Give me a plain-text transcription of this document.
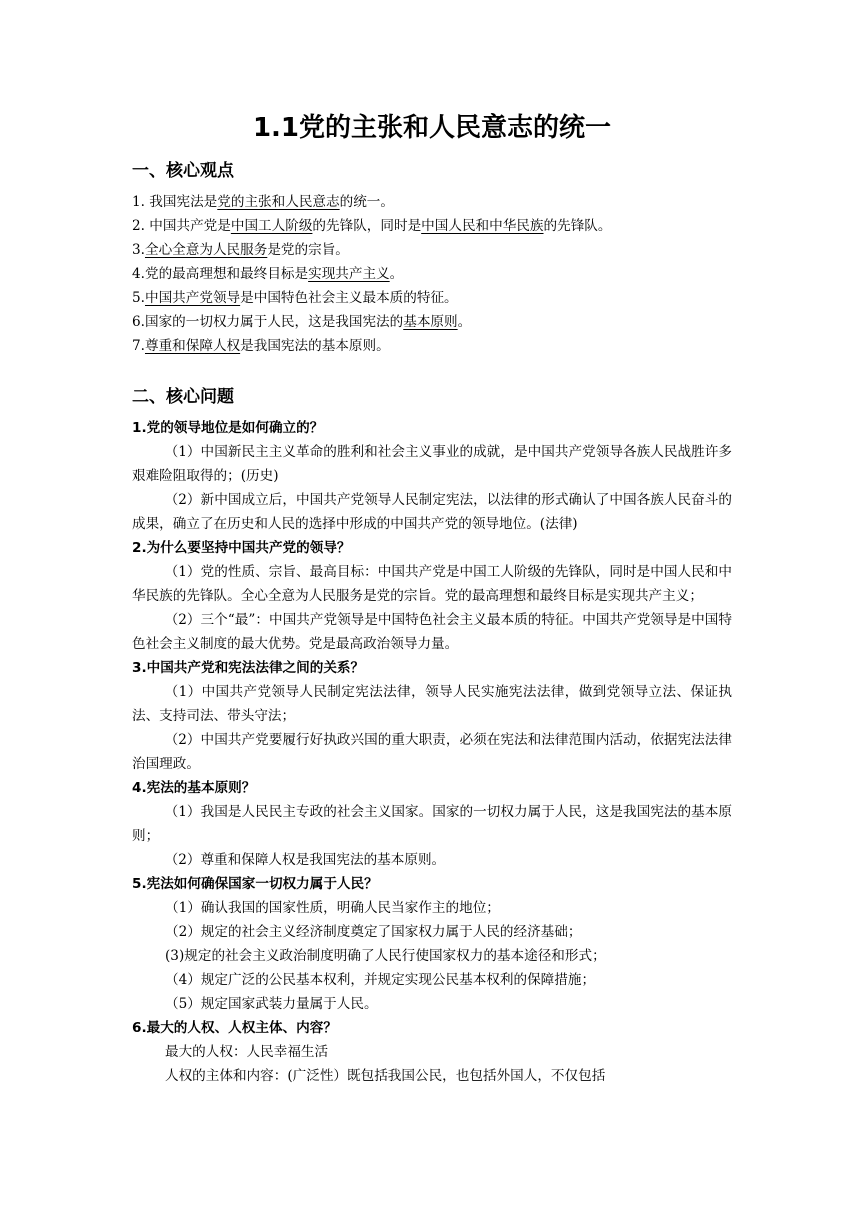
1.1党的主张和人民意志的统一
一、核心观点

1. 我国宪法是党的主张和人民意志的统一。

2. 中国共产党是中国工人阶级的先锋队，同时是中国人民和中华民族的先锋队。

3.全心全意为人民服务是党的宗旨。

4.党的最高理想和最终目标是实现共产主义。

5.中国共产党领导是中国特色社会主义最本质的特征。

6.国家的一切权力属于人民，这是我国宪法的基本原则。

7.尊重和保障人权是我国宪法的基本原则。

二、核心问题

1.党的领导地位是如何确立的？

（1）中国新民主主义革命的胜利和社会主义事业的成就，是中国共产党领导各族人民战胜许多艰难险阻取得的；(历史)

（2）新中国成立后，中国共产党领导人民制定宪法，以法律的形式确认了中国各族人民奋斗的成果，确立了在历史和人民的选择中形成的中国共产党的领导地位。(法律)

2.为什么要坚持中国共产党的领导？

（1）党的性质、宗旨、最高目标：中国共产党是中国工人阶级的先锋队，同时是中国人民和中华民族的先锋队。全心全意为人民服务是党的宗旨。党的最高理想和最终目标是实现共产主义；

（2）三个“最”：中国共产党领导是中国特色社会主义最本质的特征。中国共产党领导是中国特色社会主义制度的最大优势。党是最高政治领导力量。

3.中国共产党和宪法法律之间的关系？

（1）中国共产党领导人民制定宪法法律，领导人民实施宪法法律，做到党领导立法、保证执法、支持司法、带头守法；

（2）中国共产党要履行好执政兴国的重大职责，必须在宪法和法律范围内活动，依据宪法法律治国理政。

4.宪法的基本原则？

（1）我国是人民民主专政的社会主义国家。国家的一切权力属于人民，这是我国宪法的基本原则；

（2）尊重和保障人权是我国宪法的基本原则。

5.宪法如何确保国家一切权力属于人民？

（1）确认我国的国家性质，明确人民当家作主的地位；

（2）规定的社会主义经济制度奠定了国家权力属于人民的经济基础；

(3)规定的社会主义政治制度明确了人民行使国家权力的基本途径和形式；

（4）规定广泛的公民基本权利，并规定实现公民基本权利的保障措施；

（5）规定国家武装力量属于人民。

6.最大的人权、人权主体、内容？

最大的人权：人民幸福生活

人权的主体和内容：(广泛性）既包括我国公民，也包括外国人，不仅包括
